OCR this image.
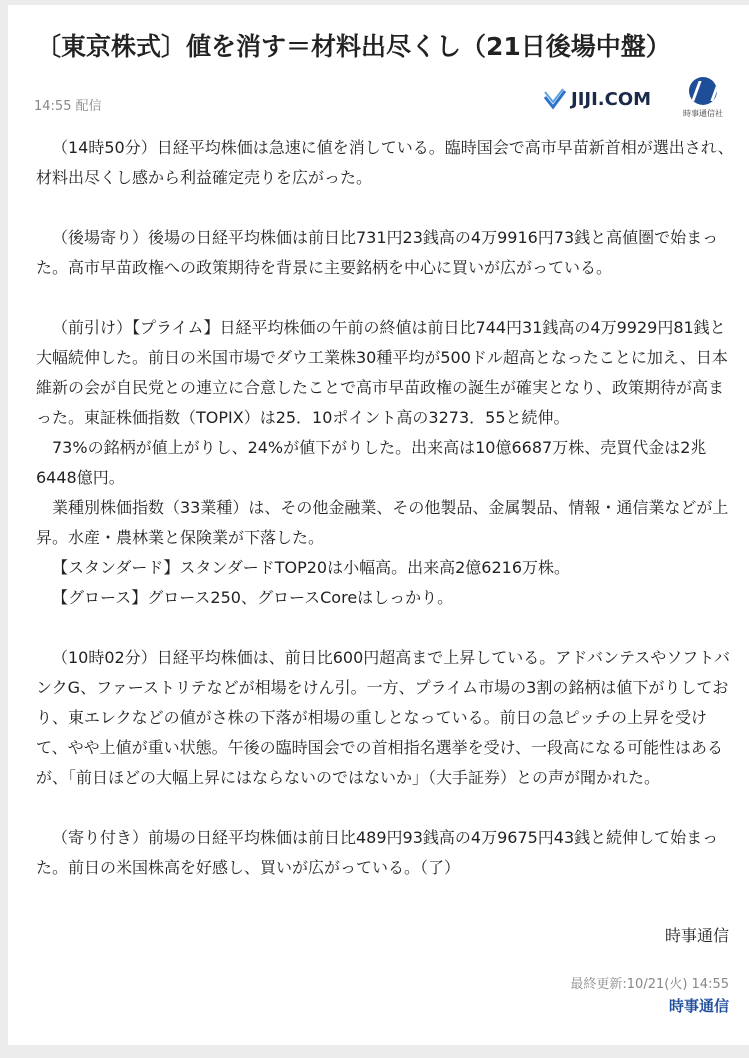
〔東京株式〕値を消す＝材料出尽くし（21日後場中盤）
14:55 配信	JIJI.COM
時事通信社

（14時50分）日経平均株価は急速に値を消している。臨時国会で高市早苗新首相が選出され、材料出尽くし感から利益確定売りを広がった。

（後場寄り）後場の日経平均株価は前日比731円23銭高の4万9916円73銭と高値圏で始まった。高市早苗政権への政策期待を背景に主要銘柄を中心に買いが広がっている。

（前引け）【プライム】日経平均株価の午前の終値は前日比744円31銭高の4万9929円81銭と大幅続伸した。前日の米国市場でダウ工業株30種平均が500ドル超高となったことに加え、日本維新の会が自民党との連立に合意したことで高市早苗政権の誕生が確実となり、政策期待が高まった。東証株価指数（TOPIX）は25．10ポイント高の3273．55と続伸。

73%の銘柄が値上がりし、24%が値下がりした。出来高は10億6687万株、売買代金は2兆6448億円。

業種別株価指数（33業種）は、その他金融業、その他製品、金属製品、情報・通信業などが上昇。水産・農林業と保険業が下落した。

【スタンダード】スタンダードTOP20は小幅高。出来高2億6216万株。

【グロース】グロース250、グロースCoreはしっかり。

（10時02分）日経平均株価は、前日比600円超高まで上昇している。アドバンテスやソフトバンクG、ファーストリテなどが相場をけん引。一方、プライム市場の3割の銘柄は値下がりしており、東エレクなどの値がさ株の下落が相場の重しとなっている。前日の急ピッチの上昇を受けて、やや上値が重い状態。午後の臨時国会での首相指名選挙を受け、一段高になる可能性はあるが、「前日ほどの大幅上昇にはならないのではないか」（大手証券）との声が聞かれた。

（寄り付き）前場の日経平均株価は前日比489円93銭高の4万9675円43銭と続伸して始まった。前日の米国株高を好感し、買いが広がっている。（了）

時事通信
最終更新:10/21(火) 14:55
時事通信
